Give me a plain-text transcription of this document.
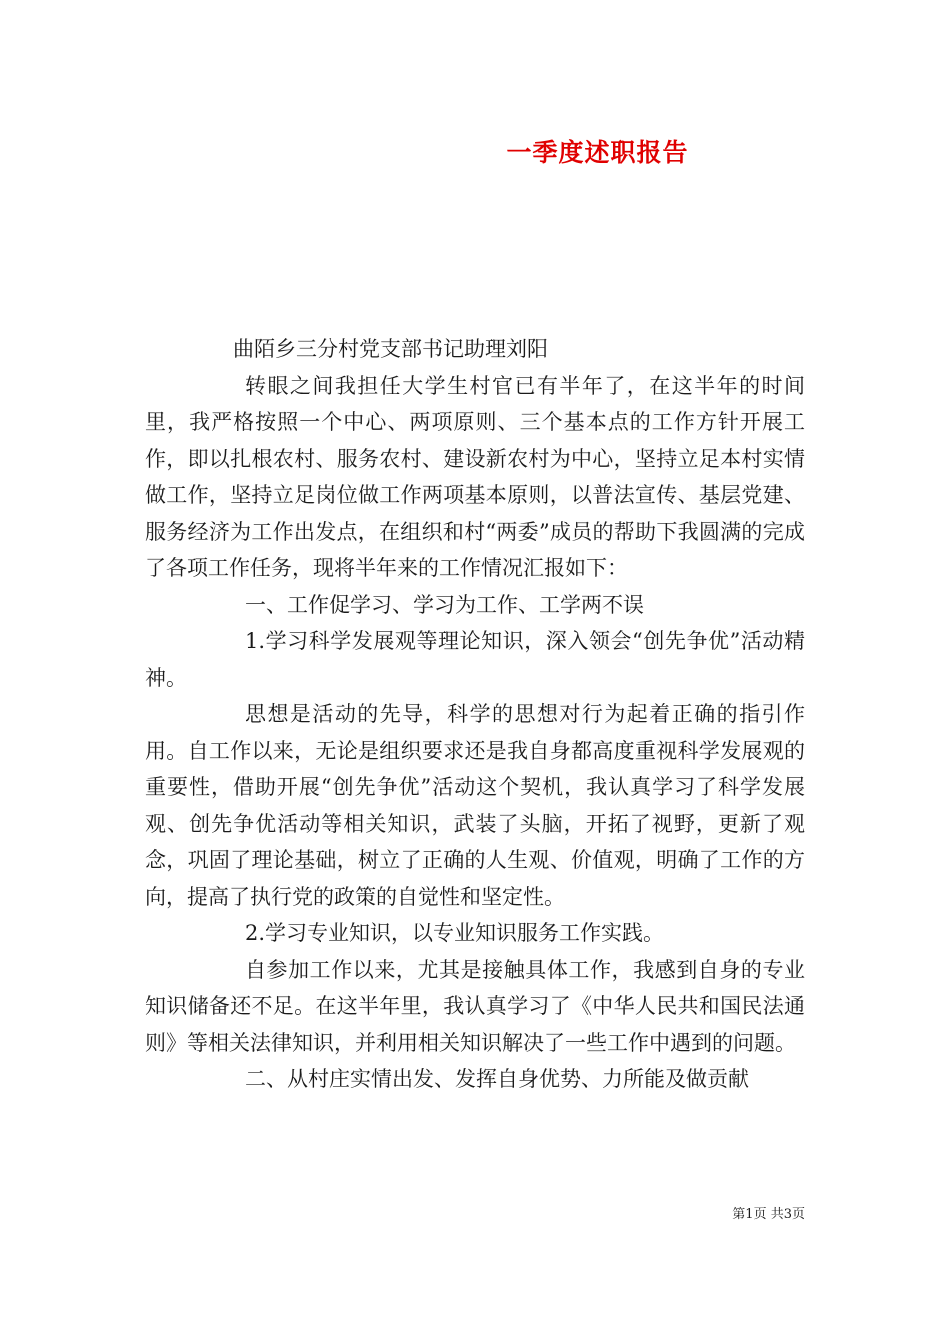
一季度述职报告

曲陌乡三分村党支部书记助理刘阳

转眼之间我担任大学生村官已有半年了，在这半年的时间里，我严格按照一个中心、两项原则、三个基本点的工作方针开展工作，即以扎根农村、服务农村、建设新农村为中心，坚持立足本村实情做工作，坚持立足岗位做工作两项基本原则，以普法宣传、基层党建、服务经济为工作出发点，在组织和村“两委”成员的帮助下我圆满的完成了各项工作任务，现将半年来的工作情况汇报如下：

一、工作促学习、学习为工作、工学两不误

1.学习科学发展观等理论知识，深入领会“创先争优”活动精神。

思想是活动的先导，科学的思想对行为起着正确的指引作用。自工作以来，无论是组织要求还是我自身都高度重视科学发展观的重要性，借助开展“创先争优”活动这个契机，我认真学习了科学发展观、创先争优活动等相关知识，武装了头脑，开拓了视野，更新了观念，巩固了理论基础，树立了正确的人生观、价值观，明确了工作的方向，提高了执行党的政策的自觉性和坚定性。

2.学习专业知识，以专业知识服务工作实践。

自参加工作以来，尤其是接触具体工作，我感到自身的专业知识储备还不足。在这半年里，我认真学习了《中华人民共和国民法通则》等相关法律知识，并利用相关知识解决了一些工作中遇到的问题。

二、从村庄实情出发、发挥自身优势、力所能及做贡献

第1页 共3页
